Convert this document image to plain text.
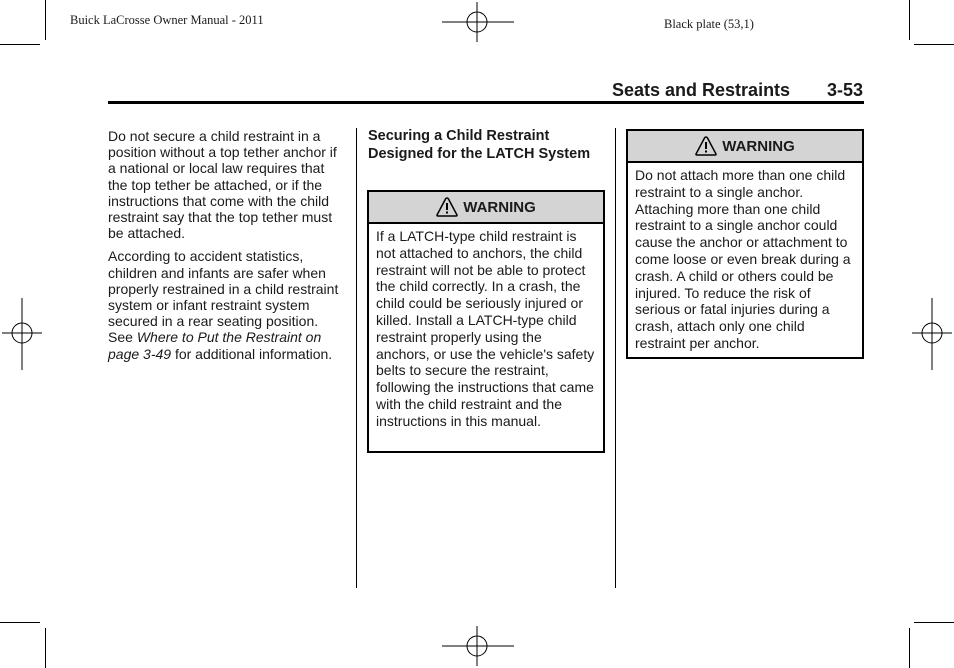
Buick LaCrosse Owner Manual - 2011	Black plate (53,1)
Seats and Restraints 3-53

Do not secure a child restraint in a position without a top tether anchor if a national or local law requires that the top tether be attached, or if the instructions that come with the child restraint say that the top tether must be attached.

According to accident statistics, children and infants are safer when properly restrained in a child restraint system or infant restraint system secured in a rear seating position. See Where to Put the Restraint on page 3-49 for additional information.

Securing a Child Restraint Designed for the LATCH System
WARNING
If a LATCH-type child restraint is not attached to anchors, the child restraint will not be able to protect the child correctly. In a crash, the child could be seriously injured or killed. Install a LATCH-type child restraint properly using the anchors, or use the vehicle's safety belts to secure the restraint, following the instructions that came with the child restraint and the instructions in this manual.
WARNING
Do not attach more than one child restraint to a single anchor. Attaching more than one child restraint to a single anchor could cause the anchor or attachment to come loose or even break during a crash. A child or others could be injured. To reduce the risk of serious or fatal injuries during a crash, attach only one child restraint per anchor.
